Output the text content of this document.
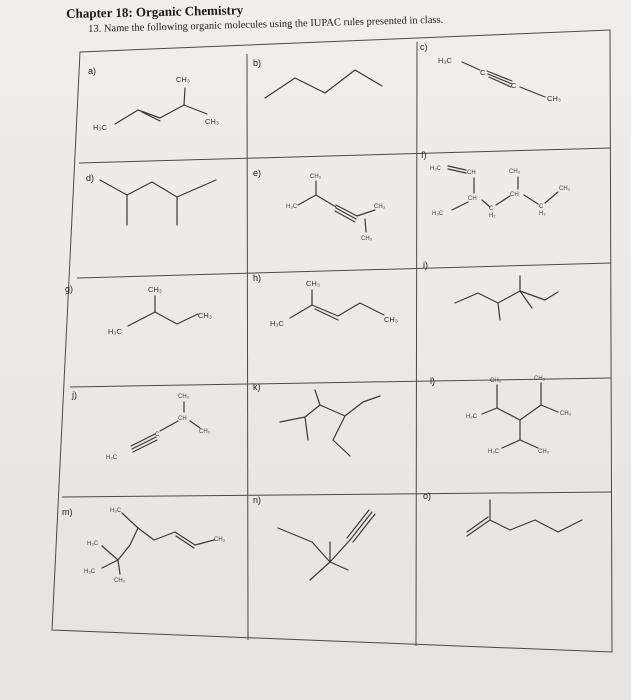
Chapter 18: Organic Chemistry
13. Name the following organic molecules using the IUPAC rules presented in class.
a)
CH₃
CH₃
H₃C
b)
c)
H₃C
C
C
CH₃
d)	e)	CH₃
H₃C	CH₃
CH₃
f)
H₂C
CH
CH
CH₃
CH
CH₃
H₃C
C
H₂
C
H₂
g)	CH₃
CH₃
H₃C
h)
CH₃
CH₃
H₃C
i)
j)	CH₃
CH
CH₃
C
H₃C
k)
l)	CH₃	CH₃
CH₃
H₃C
H₃C	CH₃
m)	H₃C
H₃C
H₃C
CH₃
CH₃
n)	o)
